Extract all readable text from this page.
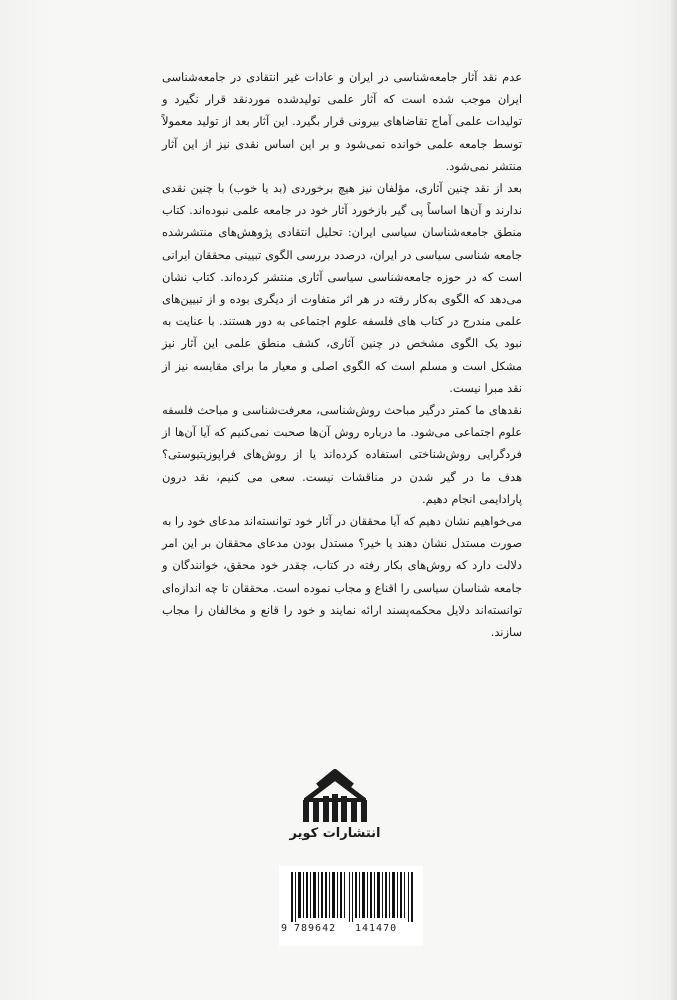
عدم نقد آثار جامعه‌شناسی در ایران و عادات غیر انتقادی در جامعه‌شناسی ایران موجب شده است که آثار علمی تولیدشده موردنقد قرار نگیرد و تولیدات علمی آماج تقاضاهای بیرونی قرار بگیرد. این آثار بعد از تولید معمولاً توسط جامعه علمی خوانده نمی‌شود و بر این اساس نقدی نیز از این آثار منتشر نمی‌شود.

بعد از نقد چنین آثاری، مؤلفان نیز هیچ برخوردی (بد یا خوب) با چنین نقدی ندارند و آن‌ها اساساً پی گیر بازخورد آثار خود در جامعه علمی نبوده‌اند. کتاب منطق جامعه‌شناسان سیاسی ایران: تحلیل انتقادی پژوهش‌های منتشرشده جامعه شناسی سیاسی در ایران، درصدد بررسی الگوی تبیینی محققان ایرانی است که در حوزه جامعه‌شناسی سیاسی آثاری منتشر کرده‌اند. کتاب نشان می‌دهد که الگوی به‌کار رفته در هر اثر متفاوت از دیگری بوده و از تبیین‌های علمی مندرج در کتاب های فلسفه علوم اجتماعی به دور هستند. با عنایت به نبود یک الگوی مشخص در چنین آثاری، کشف منطق علمی این آثار نیز مشکل است و مسلم است که الگوی اصلی و معیار ما برای مقایسه نیز از نقد مبرا نیست.

نقدهای ما کمتر درگیر مباحث روش‌شناسی، معرفت‌شناسی و مباحث فلسفه علوم اجتماعی می‌شود. ما درباره روش آن‌ها صحبت نمی‌کنیم که آیا آن‌ها از فردگرایی روش‌شناختی استفاده کرده‌اند یا از روش‌های فراپوزیتیوستی؟ هدف ما در گیر شدن در مناقشات نیست. سعی می کنیم، نقد درون پارادایمی انجام دهیم.

می‌خواهیم نشان دهیم که آیا محققان در آثار خود توانسته‌اند مدعای خود را به صورت مستدل نشان دهند یا خیر؟ مستدل بودن مدعای محققان بر این امر دلالت دارد که روش‌های بکار رفته در کتاب، چقدر خود محقق، خوانندگان و جامعه شناسان سیاسی را اقناع و مجاب نموده است. محققان تا چه اندازه‌ای توانسته‌اند دلایل محکمه‌پسند ارائه نمایند و خود را قانع و مخالفان را مجاب سازند.

انتشارات کویر
9 789642 141470
